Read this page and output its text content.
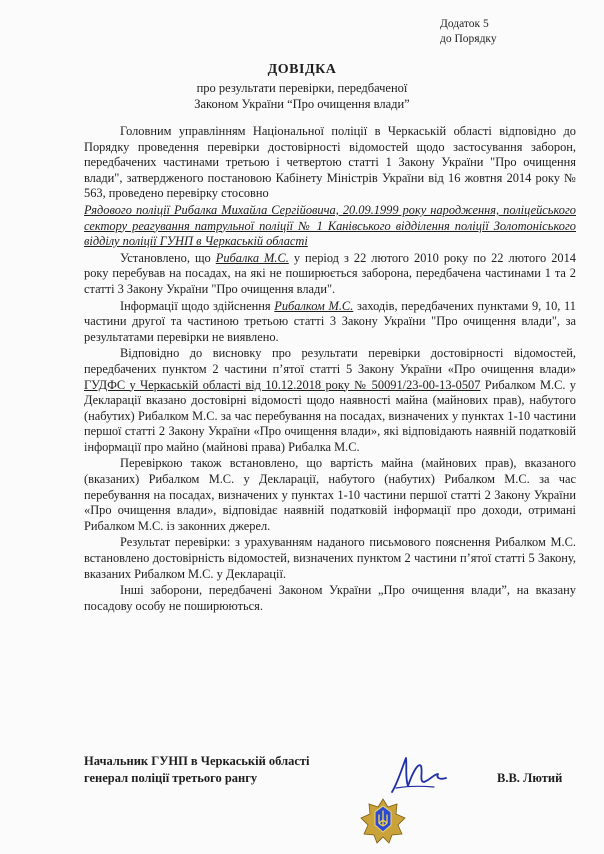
Додаток 5
до Порядку
ДОВІДКА
про результати перевірки, передбаченої
Законом України “Про очищення влади”

Головним управлінням Національної поліції в Черкаській області відповідно до Порядку проведення перевірки достовірності відомостей щодо застосування заборон, передбачених частинами третьою і четвертою статті 1 Закону України "Про очищення влади", затвердженого постановою Кабінету Міністрів України від 16 жовтня 2014 року № 563, проведено перевірку стосовно

Рядового поліції Рибалка Михайла Сергійовича, 20.09.1999 року народження, поліцейського сектору реагування патрульної поліції № 1 Канівського відділення поліції Золотоніського відділу поліції ГУНП в Черкаській області

Установлено, що Рибалка М.С. у період з 22 лютого 2010 року по 22 лютого 2014 року перебував на посадах, на які не поширюється заборона, передбачена частинами 1 та 2 статті 3 Закону України "Про очищення влади".

Інформації щодо здійснення Рибалком М.С. заходів, передбачених пунктами 9, 10, 11 частини другої та частиною третьою статті 3 Закону України "Про очищення влади", за результатами перевірки не виявлено.

Відповідно до висновку про результати перевірки достовірності відомостей, передбачених пунктом 2 частини п’ятої статті 5 Закону України «Про очищення влади» ГУДФС у Черкаській області від 10.12.2018 року № 50091/23-00-13-0507 Рибалком М.С. у Декларації вказано достовірні відомості щодо наявності майна (майнових прав), набутого (набутих) Рибалком М.С. за час перебування на посадах, визначених у пунктах 1-10 частини першої статті 2 Закону України «Про очищення влади», які відповідають наявній податковій інформації про майно (майнові права) Рибалка М.С.

Перевіркою також встановлено, що вартість майна (майнових прав), вказаного (вказаних) Рибалком М.С. у Декларації, набутого (набутих) Рибалком М.С. за час перебування на посадах, визначених у пунктах 1-10 частини першої статті 2 Закону України «Про очищення влади», відповідає наявній податковій інформації про доходи, отримані Рибалком М.С. із законних джерел.

Результат перевірки: з урахуванням наданого письмового пояснення Рибалком М.С. встановлено достовірність відомостей, визначених пунктом 2 частини п’ятої статті 5 Закону, вказаних Рибалком М.С. у Декларації.

Інші заборони, передбачені Законом України „Про очищення влади”, на вказану посадову особу не поширюються.

Начальник ГУНП в Черкаській області
генерал поліції третього рангу	В.В. Лютий
